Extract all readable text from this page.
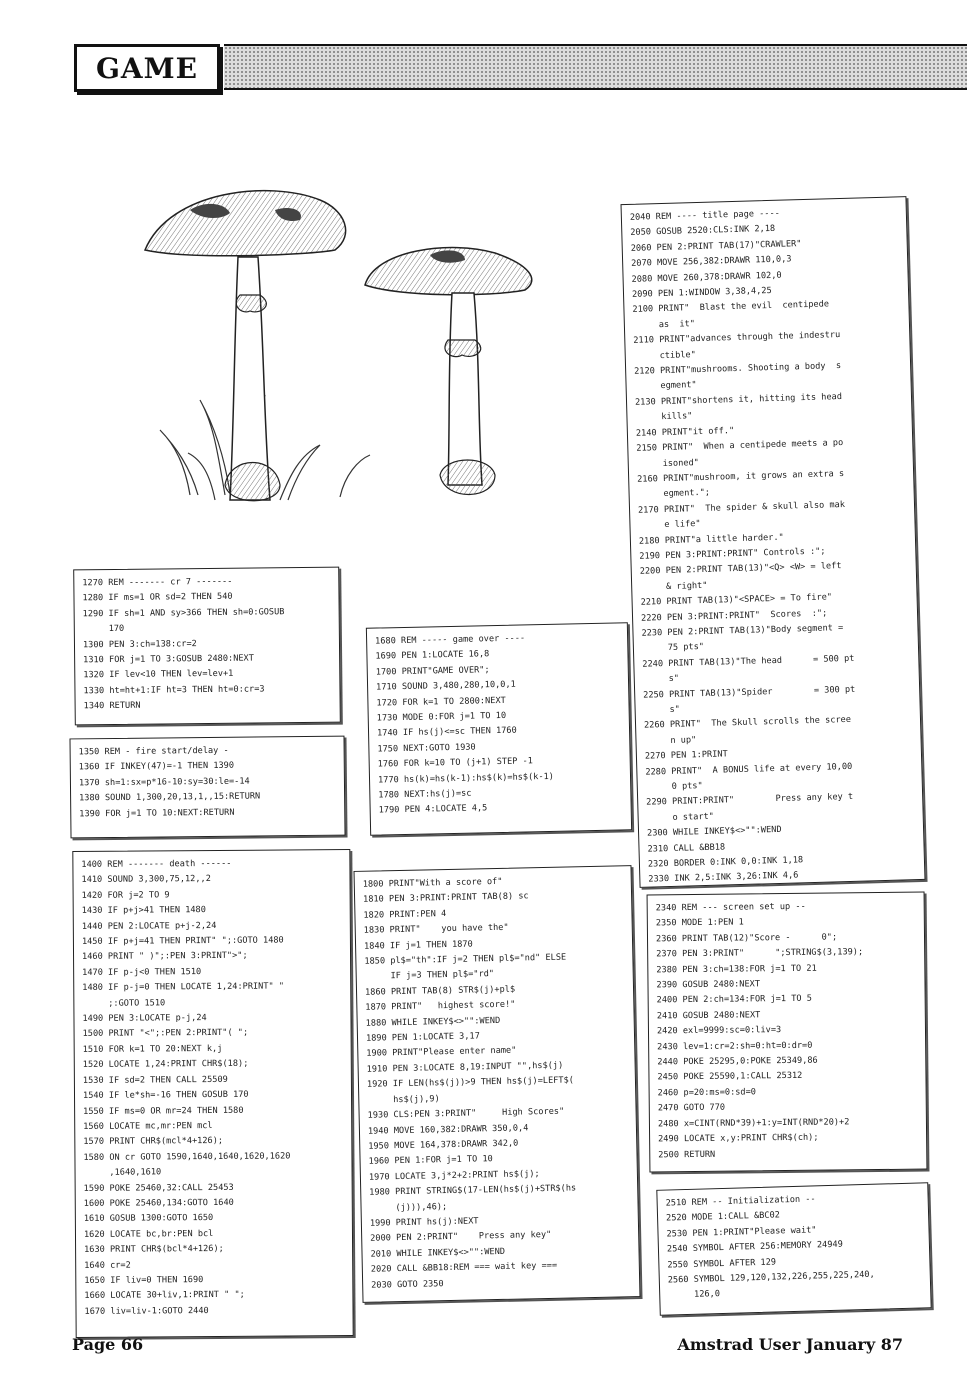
GAME
1270 REM ------- cr 7 -------
1280 IF ms=1 OR sd=2 THEN 540
1290 IF sh=1 AND sy>366 THEN sh=0:GOSUB
170
1300 PEN 3:ch=138:cr=2
1310 FOR j=1 TO 3:GOSUB 2480:NEXT
1320 IF lev<10 THEN lev=lev+1
1330 ht=ht+1:IF ht=3 THEN ht=0:cr=3
1340 RETURN
1350 REM - fire start/delay -
1360 IF INKEY(47)=-1 THEN 1390
1370 sh=1:sx=p*16-10:sy=30:le=-14
1380 SOUND 1,300,20,13,1,,15:RETURN
1390 FOR j=1 TO 10:NEXT:RETURN
1400 REM ------- death ------
1410 SOUND 3,300,75,12,,2
1420 FOR j=2 TO 9
1430 IF p+j>41 THEN 1480
1440 PEN 2:LOCATE p+j-2,24
1450 IF p+j=41 THEN PRINT" ";:GOTO 1480
1460 PRINT " )";:PEN 3:PRINT">";
1470 IF p-j<0 THEN 1510
1480 IF p-j=0 THEN LOCATE 1,24:PRINT" "
;:GOTO 1510
1490 PEN 3:LOCATE p-j,24
1500 PRINT "<";:PEN 2:PRINT"( ";
1510 FOR k=1 TO 20:NEXT k,j
1520 LOCATE 1,24:PRINT CHR$(18);
1530 IF sd=2 THEN CALL 25509
1540 IF le*sh=-16 THEN GOSUB 170
1550 IF ms=0 OR mr=24 THEN 1580
1560 LOCATE mc,mr:PEN mcl
1570 PRINT CHR$(mcl*4+126);
1580 ON cr GOTO 1590,1640,1640,1620,1620
,1640,1610
1590 POKE 25460,32:CALL 25453
1600 POKE 25460,134:GOTO 1640
1610 GOSUB 1300:GOTO 1650
1620 LOCATE bc,br:PEN bcl
1630 PRINT CHR$(bcl*4+126);
1640 cr=2
1650 IF liv=0 THEN 1690
1660 LOCATE 30+liv,1:PRINT " ";
1670 liv=liv-1:GOTO 2440
1680 REM ----- game over ----
1690 PEN 1:LOCATE 16,8
1700 PRINT"GAME OVER";
1710 SOUND 3,480,280,10,0,1
1720 FOR k=1 TO 2800:NEXT
1730 MODE 0:FOR j=1 TO 10
1740 IF hs(j)<=sc THEN 1760
1750 NEXT:GOTO 1930
1760 FOR k=10 TO (j+1) STEP -1
1770 hs(k)=hs(k-1):hs$(k)=hs$(k-1)
1780 NEXT:hs(j)=sc
1790 PEN 4:LOCATE 4,5
1800 PRINT"With a score of"
1810 PEN 3:PRINT:PRINT TAB(8) sc
1820 PRINT:PEN 4
1830 PRINT"    you have the"
1840 IF j=1 THEN 1870
1850 pl$="th":IF j=2 THEN pl$="nd" ELSE
IF j=3 THEN pl$="rd"
1860 PRINT TAB(8) STR$(j)+pl$
1870 PRINT"   highest score!"
1880 WHILE INKEY$<>"":WEND
1890 PEN 1:LOCATE 3,17
1900 PRINT"Please enter name"
1910 PEN 3:LOCATE 8,19:INPUT "",hs$(j)
1920 IF LEN(hs$(j))>9 THEN hs$(j)=LEFT$(
hs$(j),9)
1930 CLS:PEN 3:PRINT"     High Scores"
1940 MOVE 160,382:DRAWR 350,0,4
1950 MOVE 164,378:DRAWR 342,0
1960 PEN 1:FOR j=1 TO 10
1970 LOCATE 3,j*2+2:PRINT hs$(j);
1980 PRINT STRING$(17-LEN(hs$(j)+STR$(hs
(j))),46);
1990 PRINT hs(j):NEXT
2000 PEN 2:PRINT"    Press any key"
2010 WHILE INKEY$<>"":WEND
2020 CALL &BB18:REM === wait key ===
2030 GOTO 2350
2040 REM ---- title page ----
2050 GOSUB 2520:CLS:INK 2,18
2060 PEN 2:PRINT TAB(17)"CRAWLER"
2070 MOVE 256,382:DRAWR 110,0,3
2080 MOVE 260,378:DRAWR 102,0
2090 PEN 1:WINDOW 3,38,4,25
2100 PRINT"  Blast the evil  centipede
as  it"
2110 PRINT"advances through the indestru
ctible"
2120 PRINT"mushrooms. Shooting a body  s
egment"
2130 PRINT"shortens it, hitting its head
kills"
2140 PRINT"it off."
2150 PRINT"  When a centipede meets a po
isoned"
2160 PRINT"mushroom, it grows an extra s
egment.";
2170 PRINT"  The spider & skull also mak
e life"
2180 PRINT"a little harder."
2190 PEN 3:PRINT:PRINT" Controls :";
2200 PEN 2:PRINT TAB(13)"<Q> <W> = left
& right"
2210 PRINT TAB(13)"<SPACE> = To fire"
2220 PEN 3:PRINT:PRINT"  Scores  :";
2230 PEN 2:PRINT TAB(13)"Body segment =
75 pts"
2240 PRINT TAB(13)"The head      = 500 pt
s"
2250 PRINT TAB(13)"Spider        = 300 pt
s"
2260 PRINT"  The Skull scrolls the scree
n up"
2270 PEN 1:PRINT
2280 PRINT"  A BONUS life at every 10,00
0 pts"
2290 PRINT:PRINT"        Press any key t
o start"
2300 WHILE INKEY$<>"":WEND
2310 CALL &BB18
2320 BORDER 0:INK 0,0:INK 1,18
2330 INK 2,5:INK 3,26:INK 4,6
2340 REM --- screen set up --
2350 MODE 1:PEN 1
2360 PRINT TAB(12)"Score -      0";
2370 PEN 3:PRINT"      ";STRING$(3,139);
2380 PEN 3:ch=138:FOR j=1 TO 21
2390 GOSUB 2480:NEXT
2400 PEN 2:ch=134:FOR j=1 TO 5
2410 GOSUB 2480:NEXT
2420 exl=9999:sc=0:liv=3
2430 lev=1:cr=2:sh=0:ht=0:dr=0
2440 POKE 25295,0:POKE 25349,86
2450 POKE 25590,1:CALL 25312
2460 p=20:ms=0:sd=0
2470 GOTO 770
2480 x=CINT(RND*39)+1:y=INT(RND*20)+2
2490 LOCATE x,y:PRINT CHR$(ch);
2500 RETURN
2510 REM -- Initialization --
2520 MODE 1:CALL &BC02
2530 PEN 1:PRINT"Please wait"
2540 SYMBOL AFTER 256:MEMORY 24949
2550 SYMBOL AFTER 129
2560 SYMBOL 129,120,132,226,255,225,240,
126,0
Page 66	Amstrad User January 87
